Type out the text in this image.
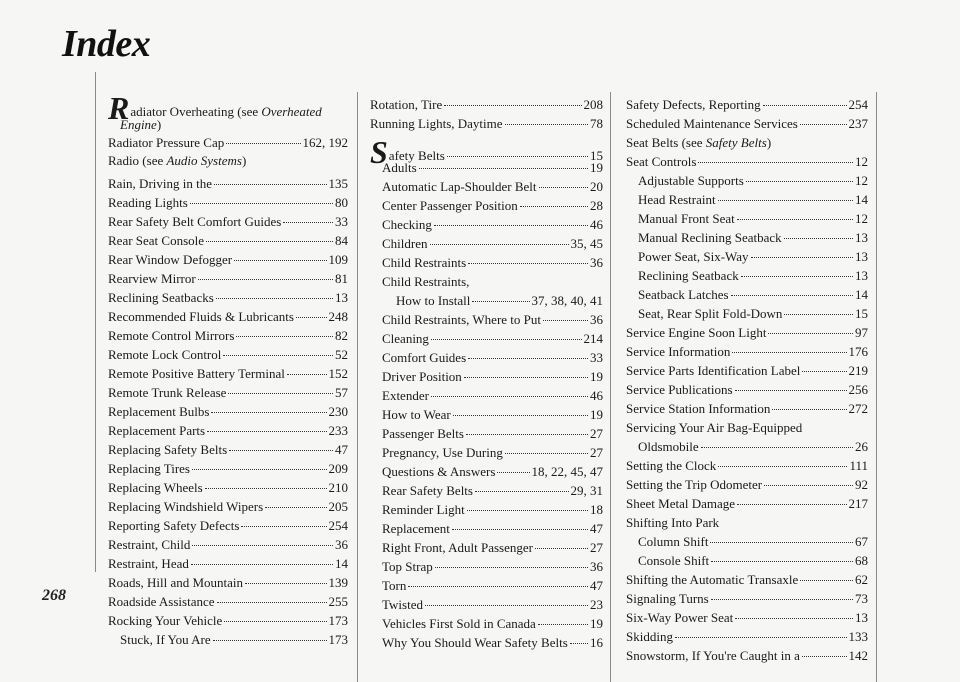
Index
268
Radiator Overheating (see Overheated
Engine)
Radiator Pressure Cap	162, 192
Radio (see Audio Systems)
Rain, Driving in the	135
Reading Lights	80
Rear Safety Belt Comfort Guides	33
Rear Seat Console	84
Rear Window Defogger	109
Rearview Mirror	81
Reclining Seatbacks	13
Recommended Fluids & Lubricants	248
Remote Control Mirrors	82
Remote Lock Control	52
Remote Positive Battery Terminal	152
Remote Trunk Release	57
Replacement Bulbs	230
Replacement Parts	233
Replacing Safety Belts	47
Replacing Tires	209
Replacing Wheels	210
Replacing Windshield Wipers	205
Reporting Safety Defects	254
Restraint, Child	36
Restraint, Head	14
Roads, Hill and Mountain	139
Roadside Assistance	255
Rocking Your Vehicle	173
Stuck, If You Are	173
Rotation, Tire	208
Running Lights, Daytime	78
Safety Belts	15
Adults	19
Automatic Lap-Shoulder Belt	20
Center Passenger Position	28
Checking	46
Children	35, 45
Child Restraints	36
Child Restraints,
How to Install	37, 38, 40, 41
Child Restraints, Where to Put	36
Cleaning	214
Comfort Guides	33
Driver Position	19
Extender	46
How to Wear	19
Passenger Belts	27
Pregnancy, Use During	27
Questions & Answers	18, 22, 45, 47
Rear Safety Belts	29, 31
Reminder Light	18
Replacement	47
Right Front, Adult Passenger	27
Top Strap	36
Torn	47
Twisted	23
Vehicles First Sold in Canada	19
Why You Should Wear Safety Belts 16
Safety Defects, Reporting	254
Scheduled Maintenance Services	237
Seat Belts (see Safety Belts)
Seat Controls	12
Adjustable Supports	12
Head Restraint	14
Manual Front Seat	12
Manual Reclining Seatback	13
Power Seat, Six-Way	13
Reclining Seatback	13
Seatback Latches	14
Seat, Rear Split Fold-Down	15
Service Engine Soon Light	97
Service Information	176
Service Parts Identification Label	219
Service Publications	256
Service Station Information	272
Servicing Your Air Bag-Equipped
Oldsmobile	26
Setting the Clock	111
Setting the Trip Odometer	92
Sheet Metal Damage	217
Shifting Into Park
Column Shift	67
Console Shift	68
Shifting the Automatic Transaxle	62
Signaling Turns	73
Six-Way Power Seat	13
Skidding	133
Snowstorm, If You're Caught in a	142
